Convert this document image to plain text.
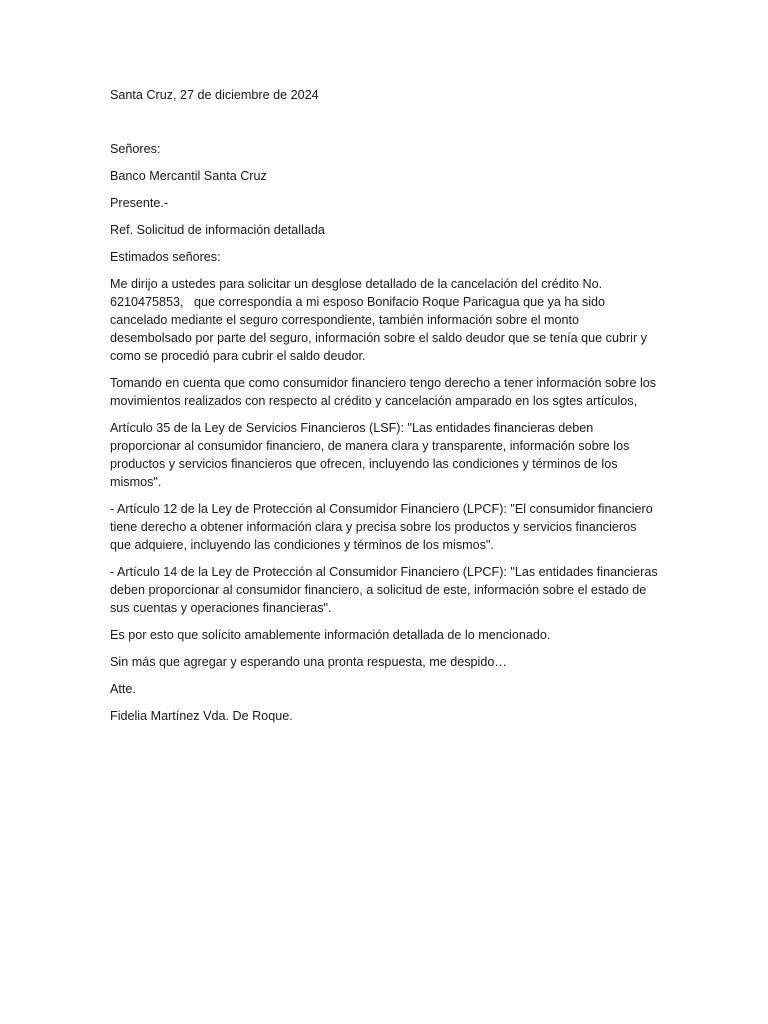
Santa Cruz, 27 de diciembre de 2024

Señores:

Banco Mercantil Santa Cruz

Presente.-

Ref. Solicitud de información detallada

Estimados señores:

Me dirijo a ustedes para solicitar un desglose detallado de la cancelación del crédito No. 6210475853,   que correspondía a mi esposo Bonifacio Roque Paricagua que ya ha sido cancelado mediante el seguro correspondiente, también información sobre el monto desembolsado por parte del seguro, información sobre el saldo deudor que se tenía que cubrir y como se procedió para cubrir el saldo deudor.

Tomando en cuenta que como consumidor financiero tengo derecho a tener información sobre los movimientos realizados con respecto al crédito y cancelación amparado en los sgtes artículos,

Artículo 35 de la Ley de Servicios Financieros (LSF): "Las entidades financieras deben proporcionar al consumidor financiero, de manera clara y transparente, información sobre los productos y servicios financieros que ofrecen, incluyendo las condiciones y términos de los mismos".

- Artículo 12 de la Ley de Protección al Consumidor Financiero (LPCF): "El consumidor financiero tiene derecho a obtener información clara y precisa sobre los productos y servicios financieros que adquiere, incluyendo las condiciones y términos de los mismos".

- Artículo 14 de la Ley de Protección al Consumidor Financiero (LPCF): "Las entidades financieras deben proporcionar al consumidor financiero, a solicitud de este, información sobre el estado de sus cuentas y operaciones financieras".

Es por esto que solícito amablemente información detallada de lo mencionado.

Sin más que agregar y esperando una pronta respuesta, me despido…

Atte.

Fidelia Martínez Vda. De Roque.
